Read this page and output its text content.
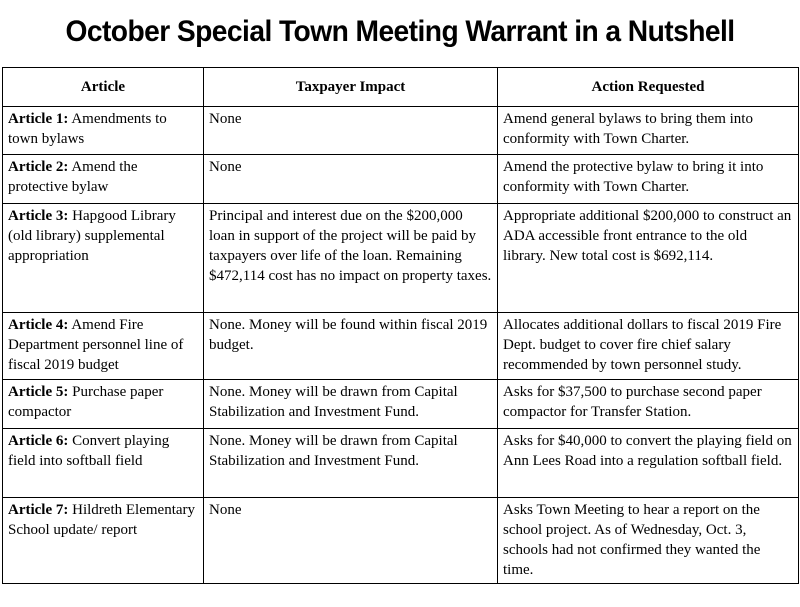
October Special Town Meeting Warrant in a Nutshell
Article	Taxpayer Impact	Action Requested
Article 1: Amendments to town bylaws	None	Amend general bylaws to bring them into conformity with Town Charter.
Article 2: Amend the protective bylaw	None	Amend the protective bylaw to bring it into conformity with Town Charter.
Article 3: Hapgood Library (old library) supplemental appropriation	Principal and interest due on the $200,000 loan in support of the project will be paid by taxpayers over life of the loan. Remaining $472,114 cost has no impact on property taxes.	Appropriate additional $200,000 to construct an ADA accessible front entrance to the old library. New total cost is $692,114.
Article 4: Amend Fire Department personnel line of fiscal 2019 budget	None. Money will be found within fiscal 2019 budget.	Allocates additional dollars to fiscal 2019 Fire Dept. budget to cover fire chief salary recommended by town personnel study.
Article 5: Purchase paper compactor	None. Money will be drawn from Capital Stabilization and Investment Fund.	Asks for $37,500 to purchase second paper compactor for Transfer Station.
Article 6: Convert playing field into softball field	None. Money will be drawn from Capital Stabilization and Investment Fund.	Asks for $40,000 to convert the playing field on Ann Lees Road into a regulation softball field.
Article 7: Hildreth Elementary School update/ report	None	Asks Town Meeting to hear a report on the school project. As of Wednesday, Oct. 3, schools had not confirmed they wanted the time.
